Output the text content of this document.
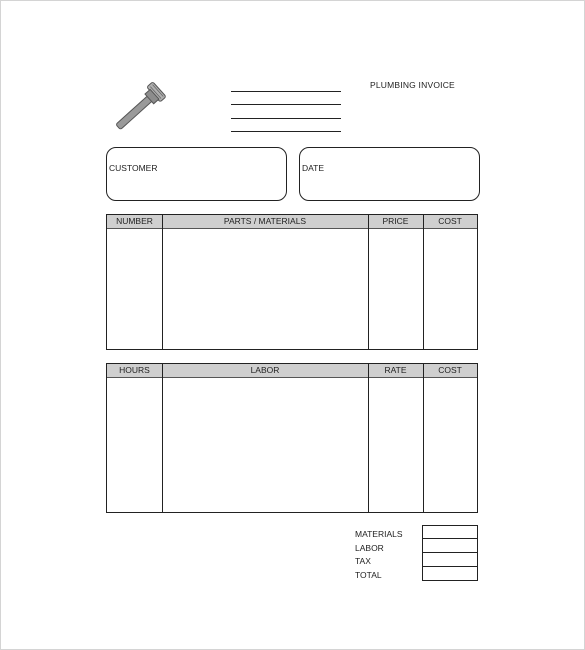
PLUMBING INVOICE
CUSTOMER	DATE
NUMBER	PARTS / MATERIALS	PRICE	COST
HOURS	LABOR	RATE	COST
MATERIALS
LABOR
TAX
TOTAL
